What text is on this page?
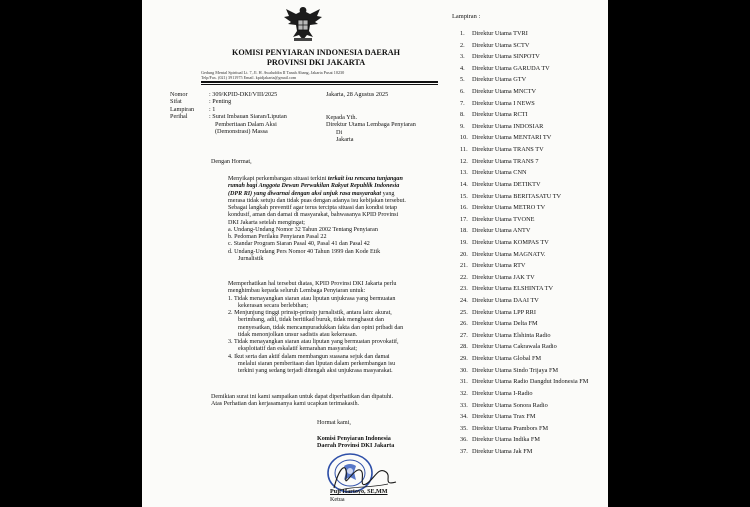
KOMISI PENYIARAN INDONESIA DAERAH
PROVINSI DKI JAKARTA
Gedung Mental Spiritual Lt. 7, Jl. H. Awaluddin II Tanah Abang, Jakarta Pusat 10230
Telp/Fax. (021) 3911975 Email. kpidjakarta@gmail.com
Nomor
Sifat
Lampiran
Perihal
: 309/KPID-DKI/VIII/2025
: Penting
: 1
: Surat Imbauan Siaran/Liputan
Pemberitaan Dalam Aksi
(Demonstrasi) Massa
Jakarta, 28 Agustus 2025
Kepada Yth.
Direktur Utama Lembaga Penyiaran
Di
Jakarta
Dengan Hormat,
Menyikapi perkembangan situasi terkini terkait isu rencana tunjangan
rumah bagi Anggota Dewan Perwakilan Rakyat Republik Indonesia
(DPR RI) yang diwarnai dengan aksi unjuk rasa masyarakat yang
merasa tidak setuju dan tidak puas dengan adanya isu kebijakan tersebut.
Sebagai langkah preventif agar terus tercipta situasi dan kondisi tetap
kondusif, aman dan damai di masyarakat, bahwasanya KPID Provinsi
DKI Jakarta setelah mengingat;
a. Undang-Undang Nomor 32 Tahun 2002 Tentang Penyiaran
b. Pedoman Perilaku Penyiaran Pasal 22
c. Standar Program Siaran Pasal 40, Pasal 41 dan Pasal 42
d. Undang-Undang Pers Nomor 40 Tahun 1999 dan Kode Etik
Jurnalistik
Memperhatikan hal tersebut diatas, KPID Provinsi DKI Jakarta perlu
menghimbau kepada seluruh Lembaga Penyiaran untuk:
1. Tidak menayangkan siaran atau liputan unjukrasa yang bermuatan
kekerasan secara berlebihan;
2. Menjunjung tinggi prinsip-prinsip jurnalistik, antara lain: akurat,
berimbang, adil, tidak beritikad buruk, tidak menghasut dan
menyesatkan, tidak mencampuradukkan fakta dan opini pribadi dan
tidak menonjolkan unsur sadistis atau kekerasan.
3. Tidak menayangkan siaran atau liputan yang bermuatan provokatif,
eksploitatif dan eskalatif kemarahan masyarakat;
4. Ikut serta dan aktif dalam membangun suasana sejuk dan damai
melalui siaran pemberitaan dan liputan dalam perkembangan isu
terkini yang sedang terjadi ditengah aksi unjukrasa masyarakat.
Demikian surat ini kami sampaikan untuk dapat diperhatikan dan dipatuhi.
Atas Perhatian dan kerjasamanya kami ucapkan terimakasih.
Hormat kami,
Komisi Penyiaran Indonesia
Daerah Provinsi DKI Jakarta
Puji Hartoyo, SE,MM
Ketua
Lampiran :
1. Direktur Utama TVRI
2. Direktur Utama SCTV
3. Direktur Utama SINPOTV
4. Direktur Utama GARUDA TV
5. Direktur Utama GTV
6. Direktur Utama MNCTV
7. Direktur Utama I NEWS
8. Direktur Utama RCTI
9. Direktur Utama INDOSIAR
10. Direktur Utama MENTARI TV
11. Direktur Utama TRANS TV
12. Direktur Utama TRANS 7
13. Direktur Utama CNN
14. Direktur Utama DETIKTV
15. Direktur Utama BERITASATU TV
16. Direktur Utama METRO TV
17. Direktur Utama TVONE
18. Direktur Utama ANTV
19. Direktur Utama KOMPAS TV
20. Direktur Utama MAGNATV.
21. Direktur Utama RTV
22. Direktur Utama JAK TV
23. Direktur Utama ELSHINTA TV
24. Direktur Utama DAAI TV
25. Direktur Utama LPP RRI
26. Direktur Utama Delta FM
27. Direktur Utama Elshinta Radio
28. Direktur Utama Cakrawala Radio
29. Direktur Utama Global FM
30. Direktur Utama Sindo Trijaya FM
31. Direktur Utama Radio Dangdut Indonesia FM
32. Direktur Utama I-Radio
33. Direktur Utama Sonora Radio
34. Direktur Utama Trax FM
35. Direktur Utama Prambors FM
36. Direktur Utama Indika FM
37. Direktur Utama Jak FM
